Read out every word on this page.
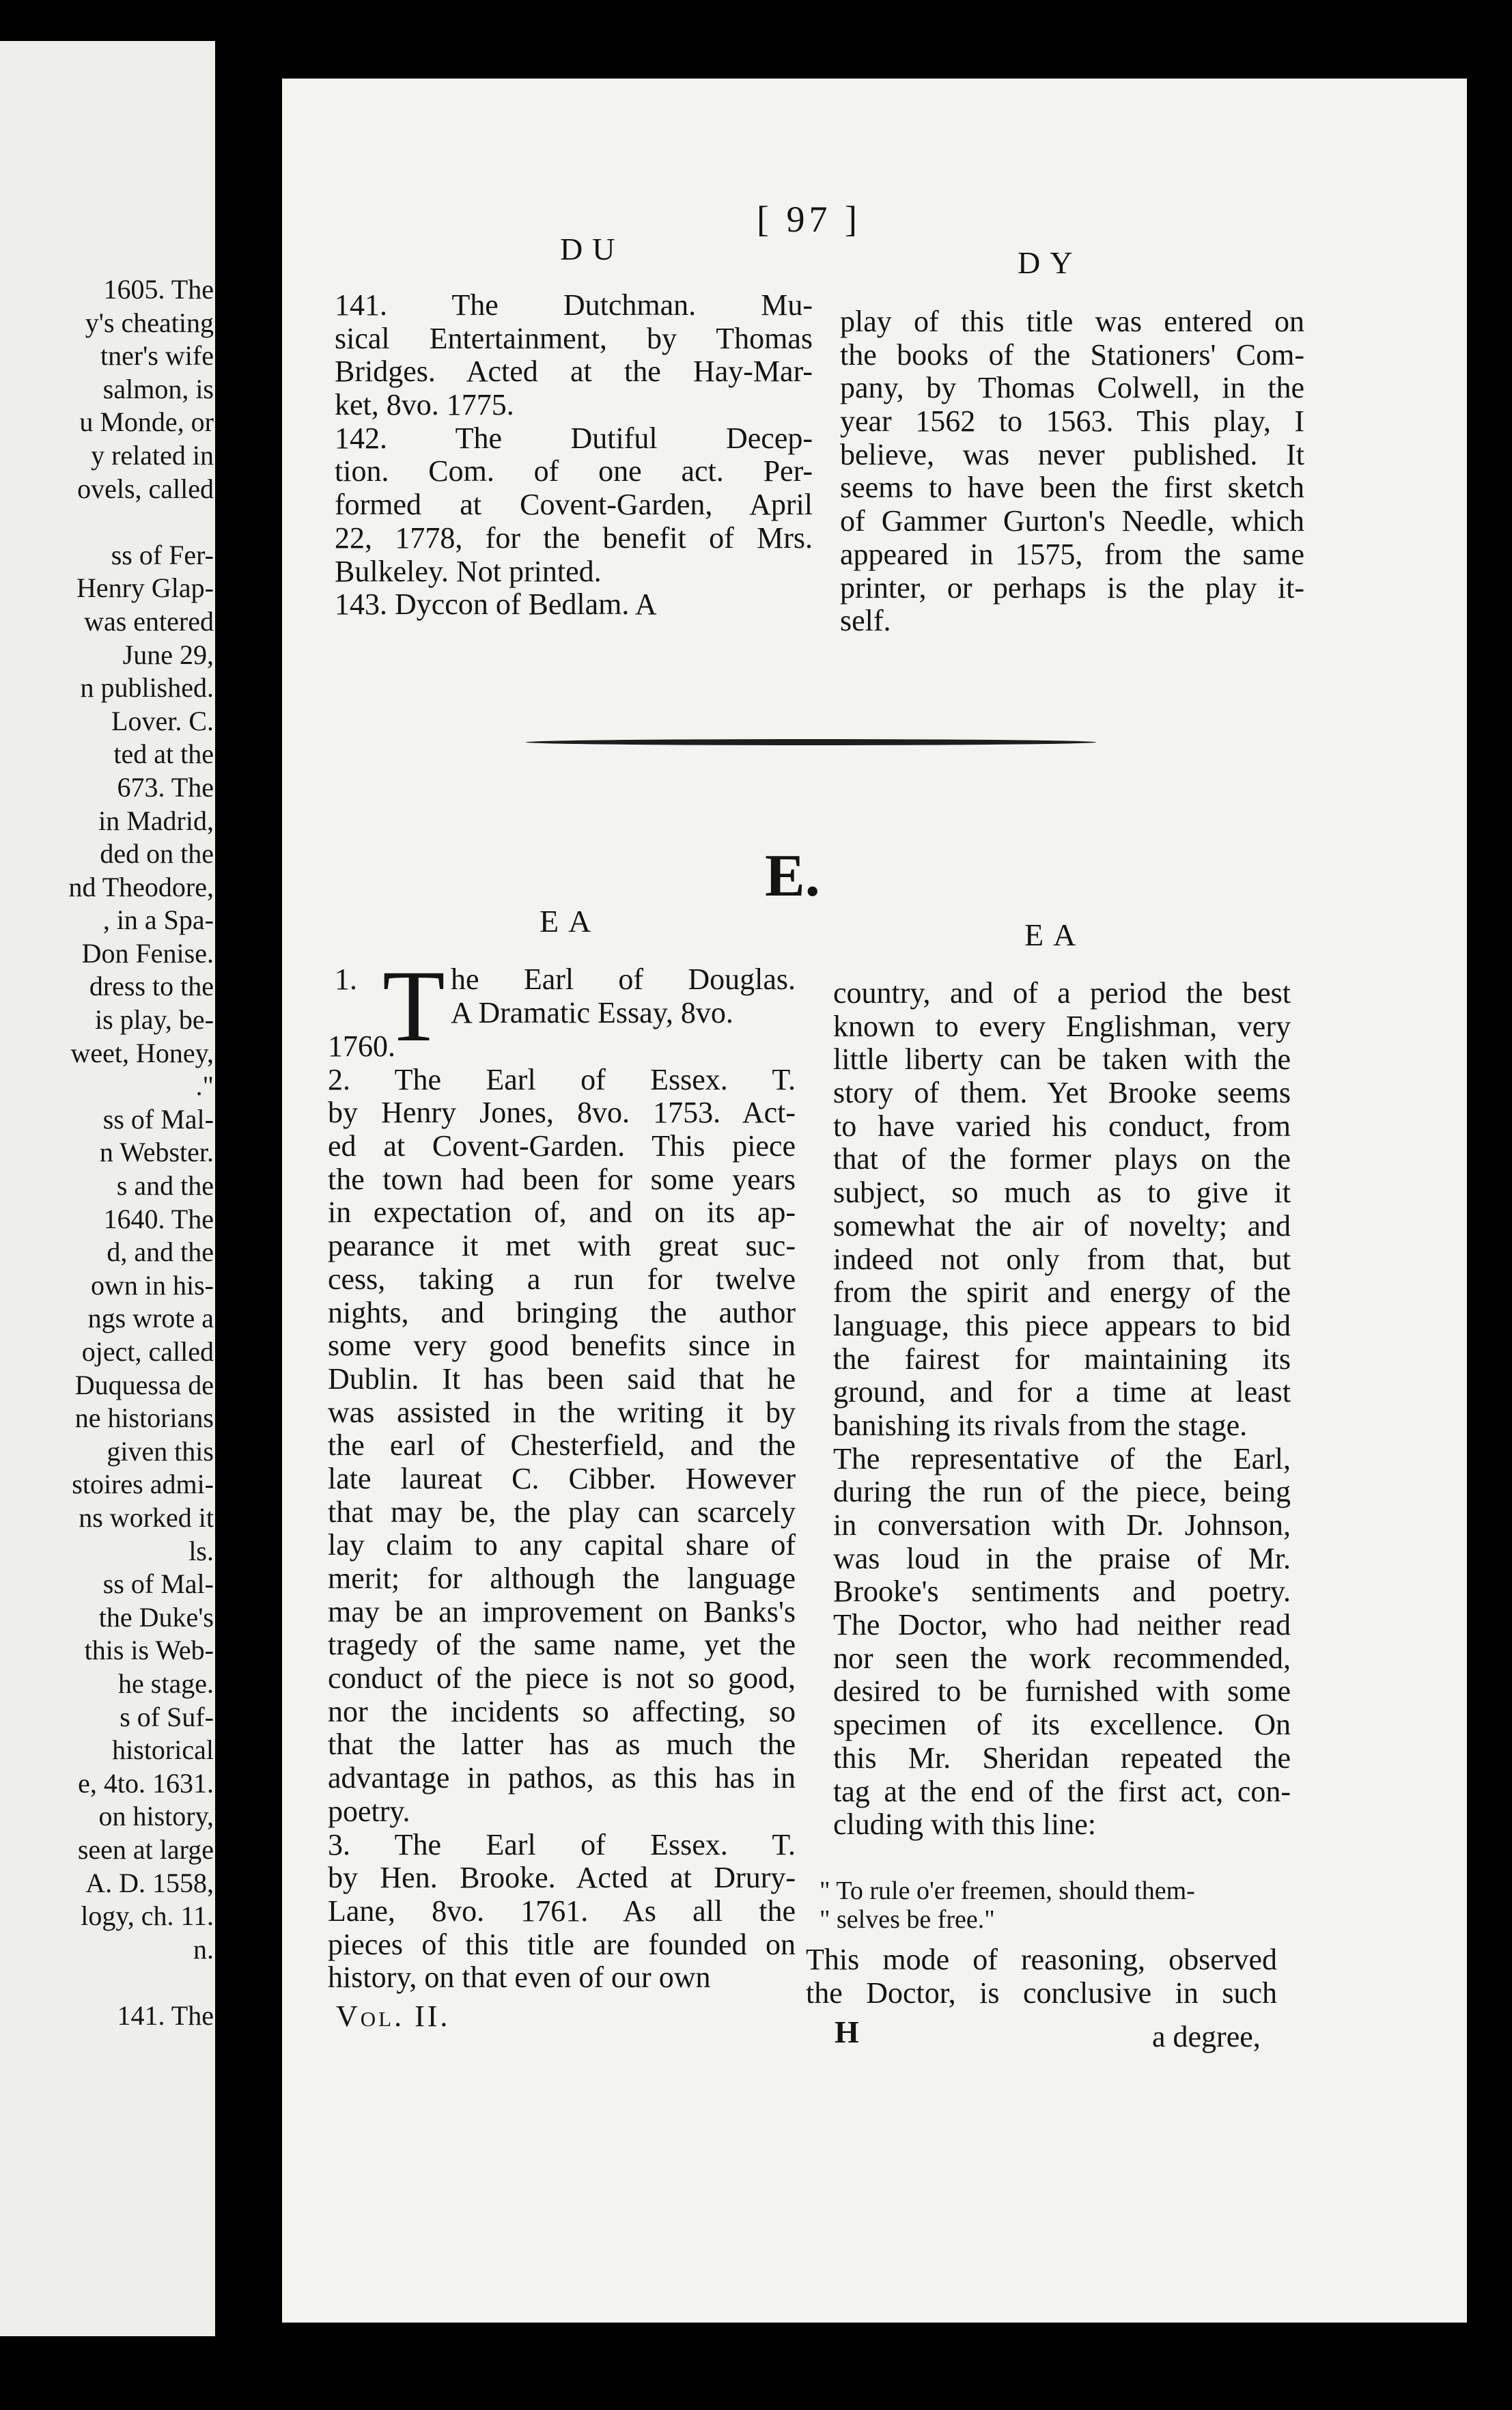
1605. The
y's cheating
tner's wife
salmon, is
u Monde, or
y related in
ovels, called
ss of Fer-
Henry Glap-
was entered
June 29,
n published.
Lover. C.
ted at the
673. The
in Madrid,
ded on the
nd Theodore,
, in a Spa-
Don Fenise.
dress to the
is play, be-
weet, Honey,
."
ss of Mal-
n Webster.
s and the
1640. The
d, and the
own in his-
ngs wrote a
oject, called
Duquessa de
ne historians
given this
stoires admi-
ns worked it
ls.
ss of Mal-
the Duke's
this is Web-
he stage.
s of Suf-
historical
e, 4to. 1631.
on history,
seen at large
A. D. 1558,
logy, ch. 11.
n.
141. The
[ 97 ]
DU	DY
141. The Dutchman. Mu-
sical Entertainment, by Thomas
Bridges. Acted at the Hay-Mar-
ket, 8vo. 1775.
142. The Dutiful Decep-
tion. Com. of one act. Per-
formed at Covent-Garden, April
22, 1778, for the benefit of Mrs.
Bulkeley. Not printed.
143. Dyccon of Bedlam. A
play of this title was entered on
the books of the Stationers' Com-
pany, by Thomas Colwell, in the
year 1562 to 1563. This play, I
believe, was never published. It
seems to have been the first sketch
of Gammer Gurton's Needle, which
appeared in 1575, from the same
printer, or perhaps is the play it-
self.
E.
EA	EA
1. T he Earl of Douglas.
A Dramatic Essay, 8vo.
1760.
2. The Earl of Essex. T.
by Henry Jones, 8vo. 1753. Act-
ed at Covent-Garden. This piece
the town had been for some years
in expectation of, and on its ap-
pearance it met with great suc-
cess, taking a run for twelve
nights, and bringing the author
some very good benefits since in
Dublin. It has been said that he
was assisted in the writing it by
the earl of Chesterfield, and the
late laureat C. Cibber. However
that may be, the play can scarcely
lay claim to any capital share of
merit; for although the language
may be an improvement on Banks's
tragedy of the same name, yet the
conduct of the piece is not so good,
nor the incidents so affecting, so
that the latter has as much the
advantage in pathos, as this has in
poetry.
3. The Earl of Essex. T.
by Hen. Brooke. Acted at Drury-
Lane, 8vo. 1761. As all the
pieces of this title are founded on
history, on that even of our own
Vol. II.
country, and of a period the best
known to every Englishman, very
little liberty can be taken with the
story of them. Yet Brooke seems
to have varied his conduct, from
that of the former plays on the
subject, so much as to give it
somewhat the air of novelty; and
indeed not only from that, but
from the spirit and energy of the
language, this piece appears to bid
the fairest for maintaining its
ground, and for a time at least
banishing its rivals from the stage.
The representative of the Earl,
during the run of the piece, being
in conversation with Dr. Johnson,
was loud in the praise of Mr.
Brooke's sentiments and poetry.
The Doctor, who had neither read
nor seen the work recommended,
desired to be furnished with some
specimen of its excellence. On
this Mr. Sheridan repeated the
tag at the end of the first act, con-
cluding with this line:
" To rule o'er freemen, should them-
" selves be free."
This mode of reasoning, observed
the Doctor, is conclusive in such
H	a degree,
